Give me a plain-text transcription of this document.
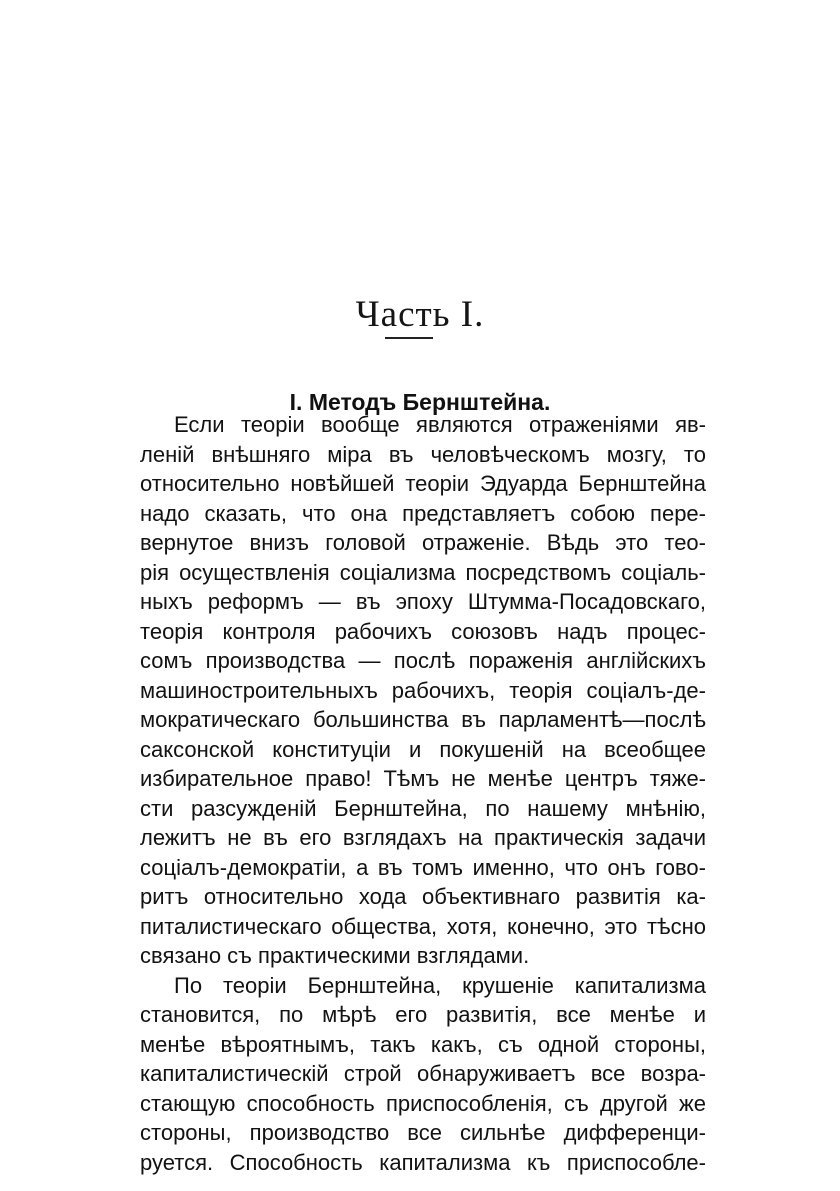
Часть I.
I. Методъ Бернштейна.
Если теоріи вообще являются отраженіями яв-
леній внѣшняго міра въ человѣческомъ мозгу, то
относительно новѣйшей теоріи Эдуарда Бернштейна
надо сказать, что она представляетъ собою пере-
вернутое внизъ головой отраженіе. Вѣдь это тео-
рія осуществленія соціализма посредствомъ соціаль-
ныхъ реформъ — въ эпоху Штумма-Посадовскаго,
теорія контроля рабочихъ союзовъ надъ процес-
сомъ производства — послѣ пораженія англійскихъ
машиностроительныхъ рабочихъ, теорія соціалъ-де-
мократическаго большинства въ парламентѣ—послѣ
саксонской конституціи и покушеній на всеобщее
избирательное право! Тѣмъ не менѣе центръ тяже-
сти разсужденій Бернштейна, по нашему мнѣнію,
лежитъ не въ его взглядахъ на практическія задачи
соціалъ-демократіи, а въ томъ именно, что онъ гово-
ритъ относительно хода объективнаго развитія ка-
питалистическаго общества, хотя, конечно, это тѣсно
связано съ практическими взглядами.
По теоріи Бернштейна, крушеніе капитализма
становится, по мѣрѣ его развитія, все менѣе и
менѣе вѣроятнымъ, такъ какъ, съ одной стороны,
капиталистическій строй обнаруживаетъ все возра-
стающую способность приспособленія, съ другой же
стороны, производство все сильнѣе дифференци-
руется. Способность капитализма къ приспособле-
